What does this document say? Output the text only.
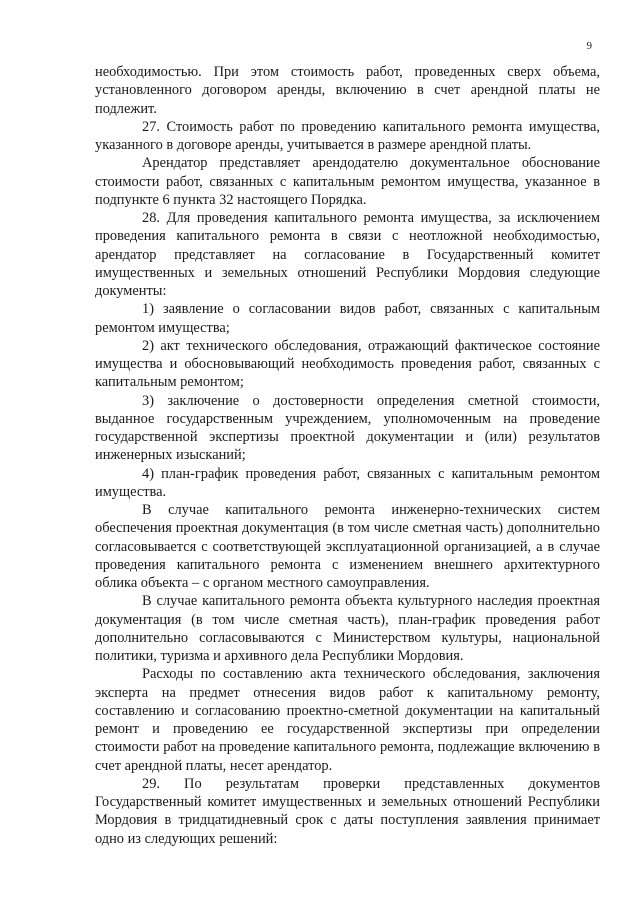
9

необходимостью. При этом стоимость работ, проведенных сверх объема, установленного договором аренды, включению в счет арендной платы не подлежит.

27. Стоимость работ по проведению капитального ремонта имущества, указанного в договоре аренды, учитывается в размере арендной платы.

Арендатор представляет арендодателю документальное обоснование стоимости работ, связанных с капитальным ремонтом имущества, указанное в подпункте 6 пункта 32 настоящего Порядка.

28. Для проведения капитального ремонта имущества, за исключением проведения капитального ремонта в связи с неотложной необходимостью, арендатор представляет на согласование в Государственный комитет имущественных и земельных отношений Республики Мордовия следующие документы:

1) заявление о согласовании видов работ, связанных с капитальным ремонтом имущества;

2) акт технического обследования, отражающий фактическое состояние имущества и обосновывающий необходимость проведения работ, связанных с капитальным ремонтом;

3) заключение о достоверности определения сметной стоимости, выданное государственным учреждением, уполномоченным на проведение государственной экспертизы проектной документации и (или) результатов инженерных изысканий;

4) план-график проведения работ, связанных с капитальным ремонтом имущества.

В случае капитального ремонта инженерно-технических систем обеспечения проектная документация (в том числе сметная часть) дополнительно согласовывается с соответствующей эксплуатационной организацией, а в случае проведения капитального ремонта с изменением внешнего архитектурного облика объекта – с органом местного самоуправления.

В случае капитального ремонта объекта культурного наследия проектная документация (в том числе сметная часть), план-график проведения работ дополнительно согласовываются с Министерством культуры, национальной политики, туризма и архивного дела Республики Мордовия.

Расходы по составлению акта технического обследования, заключения эксперта на предмет отнесения видов работ к капитальному ремонту, составлению и согласованию проектно-сметной документации на капитальный ремонт и проведению ее государственной экспертизы при определении стоимости работ на проведение капитального ремонта, подлежащие включению в счет арендной платы, несет арендатор.

29. По результатам проверки представленных документов Государственный комитет имущественных и земельных отношений Республики Мордовия в тридцатидневный срок с даты поступления заявления принимает одно из следующих решений:
